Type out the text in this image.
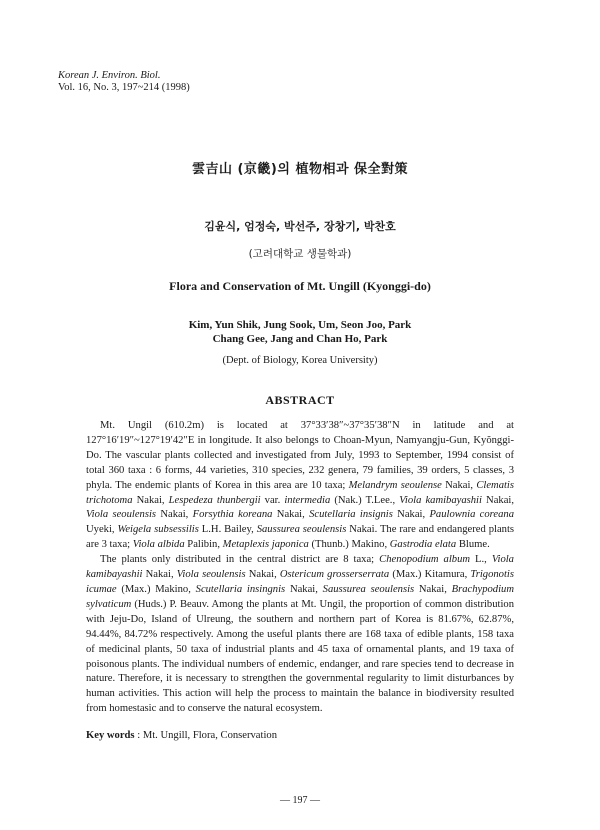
Korean J. Environ. Biol.
Vol. 16, No. 3, 197~214 (1998)
雲吉山 (京畿)의 植物相과 保全對策
김윤식, 엄정숙, 박선주, 장창기, 박찬호
(고려대학교 생물학과)
Flora and Conservation of Mt. Ungill (Kyonggi-do)
Kim, Yun Shik, Jung Sook, Um, Seon Joo, Park
Chang Gee, Jang and Chan Ho, Park
(Dept. of Biology, Korea University)
ABSTRACT

Mt. Ungil (610.2m) is located at 37°33′38″~37°35′38″N in latitude and at 127°16′19″~127°19′42″E in longitude. It also belongs to Choan-Myun, Namyangju-Gun, Kyŏnggi-Do. The vascular plants collected and investigated from July, 1993 to September, 1994 consist of total 360 taxa : 6 forms, 44 varieties, 310 species, 232 genera, 79 families, 39 orders, 5 classes, 3 phyla. The endemic plants of Korea in this area are 10 taxa; Melandrym seoulense Nakai, Clematis trichotoma Nakai, Lespedeza thunbergii var. intermedia (Nak.) T.Lee., Viola kamibayashii Nakai, Viola seoulensis Nakai, Forsythia koreana Nakai, Scutellaria insignis Nakai, Paulownia coreana Uyeki, Weigela subsessilis L.H. Bailey, Saussurea seoulensis Nakai. The rare and endangered plants are 3 taxa; Viola albida Palibin, Metaplexis japonica (Thunb.) Makino, Gastrodia elata Blume.

The plants only distributed in the central district are 8 taxa; Chenopodium album L., Viola kamibayashii Nakai, Viola seoulensis Nakai, Ostericum grosserserrata (Max.) Kitamura, Trigonotis icumae (Max.) Makino, Scutellaria insingnis Nakai, Saussurea seoulensis Nakai, Brachypodium sylvaticum (Huds.) P. Beauv. Among the plants at Mt. Ungil, the proportion of common distribution with Jeju-Do, Island of Ulreung, the southern and northern part of Korea is 81.67%, 62.87%, 94.44%, 84.72% respectively. Among the useful plants there are 168 taxa of edible plants, 158 taxa of medicinal plants, 50 taxa of industrial plants and 45 taxa of ornamental plants, and 19 taxa of poisonous plants. The individual numbers of endemic, endanger, and rare species tend to decrease in nature. Therefore, it is necessary to strengthen the governmental regularity to limit disturbances by human activities. This action will help the process to maintain the balance in biodiversity resulted from homestasic and to conserve the natural ecosystem.

Key words : Mt. Ungill, Flora, Conservation
— 197 —
